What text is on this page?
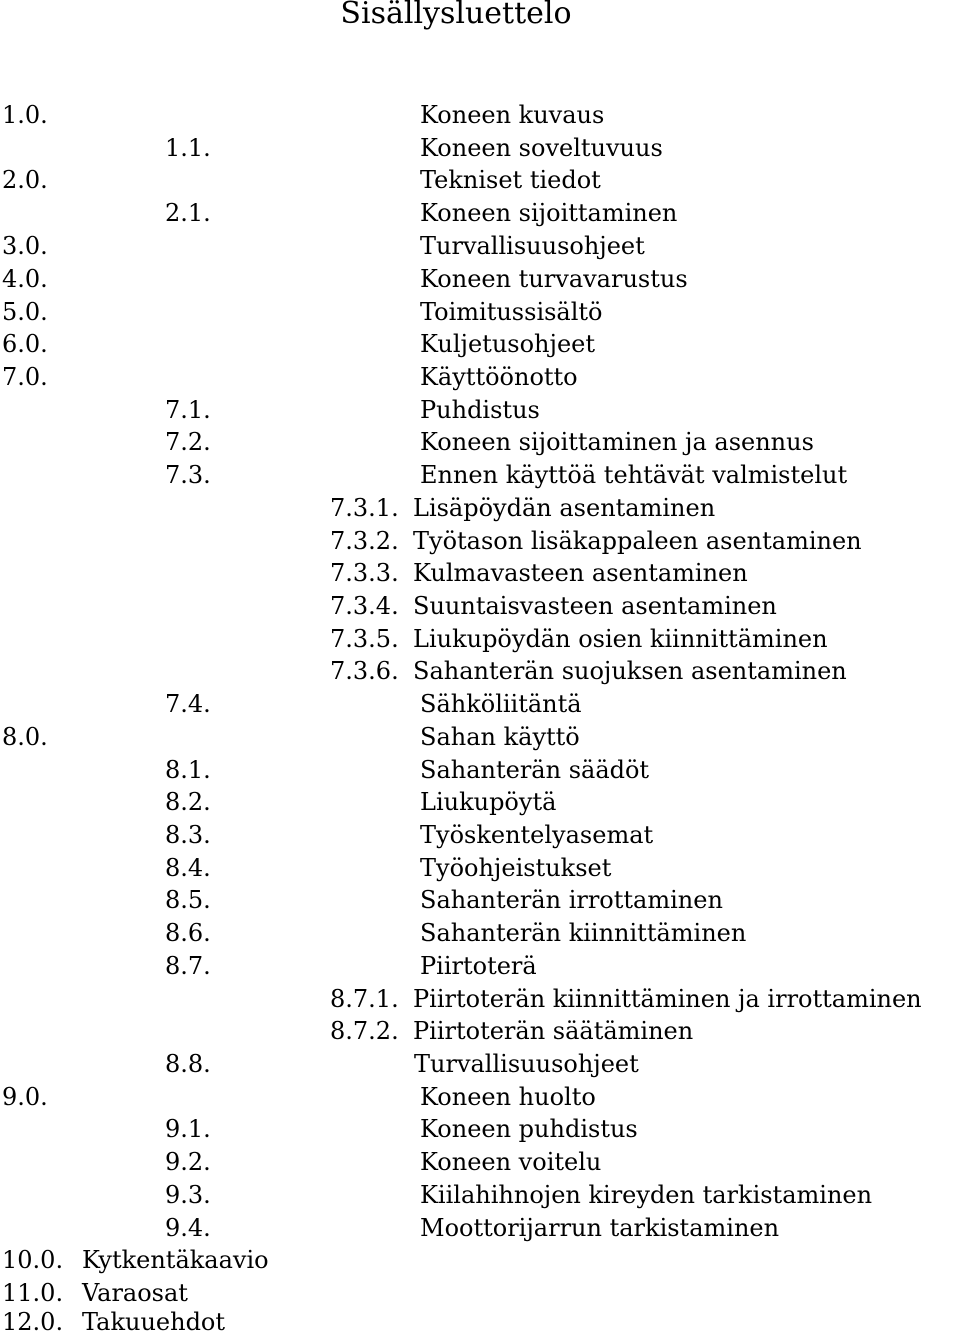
Sisällysluettelo
1.0.	Koneen kuvaus
1.1.	Koneen soveltuvuus
2.0.	Tekniset tiedot
2.1.	Koneen sijoittaminen
3.0.	Turvallisuusohjeet
4.0.	Koneen turvavarustus
5.0.	Toimitussisältö
6.0.	Kuljetusohjeet
7.0.	Käyttöönotto
7.1.	Puhdistus
7.2.	Koneen sijoittaminen ja asennus
7.3.	Ennen käyttöä tehtävät valmistelut
7.3.1. Lisäpöydän asentaminen
7.3.2. Työtason lisäkappaleen asentaminen
7.3.3. Kulmavasteen asentaminen
7.3.4. Suuntaisvasteen asentaminen
7.3.5. Liukupöydän osien kiinnittäminen
7.3.6. Sahanterän suojuksen asentaminen
7.4.	Sähköliitäntä
8.0.	Sahan käyttö
8.1.	Sahanterän säädöt
8.2.	Liukupöytä
8.3.	Työskentelyasemat
8.4.	Työohjeistukset
8.5.	Sahanterän irrottaminen
8.6.	Sahanterän kiinnittäminen
8.7.	Piirtoterä
8.7.1. Piirtoterän kiinnittäminen ja irrottaminen
8.7.2. Piirtoterän säätäminen
8.8.	Turvallisuusohjeet
9.0.	Koneen huolto
9.1.	Koneen puhdistus
9.2.	Koneen voitelu
9.3.	Kiilahihnojen kireyden tarkistaminen
9.4.	Moottorijarrun tarkistaminen
10.0. Kytkentäkaavio
11.0. Varaosat
12.0. Takuuehdot
